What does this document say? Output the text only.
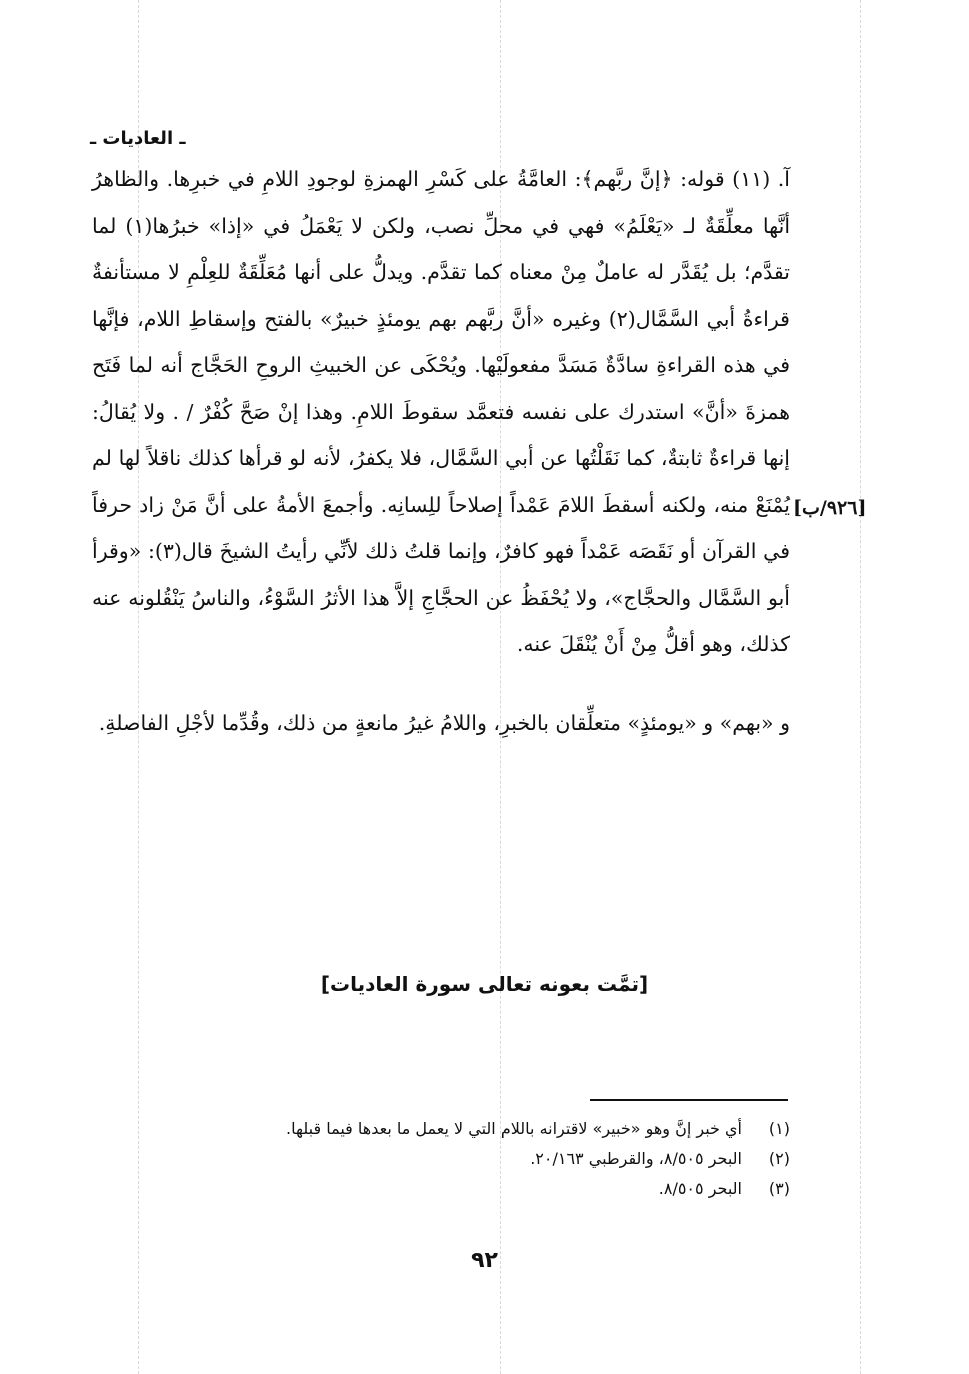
ـ العاديات ـ

آ. (١١) قوله: ﴿إنَّ ربَّهم﴾: العامَّةُ على كَسْرِ الهمزةِ لوجودِ اللامِ في خبرِها. والظاهرُ أنَّها معلِّقَةٌ لـ «يَعْلَمُ» فهي في محلِّ نصب، ولكن لا يَعْمَلُ في «إذا» خبرُها(١) لما تقدَّم؛ بل يُقَدَّر له عاملٌ مِنْ معناه كما تقدَّم. ويدلُّ على أنها مُعَلِّقَةٌ للعِلْمِ لا مستأنفةٌ قراءةُ أبي السَّمَّال(٢) وغيره «أنَّ ربَّهم بهم يومئذٍ خبيرٌ» بالفتح وإسقاطِ اللام، فإنَّها في هذه القراءةِ سادَّةٌ مَسَدَّ مفعولَيْها. ويُحْكَى عن الخبيثِ الروحِ الحَجَّاج أنه لما فَتَح همزةَ «أنَّ» استدرك على نفسه فتعمَّد سقوطَ اللامِ. وهذا إنْ صَحَّ كُفْرٌ / . ولا يُقالُ: إنها قراءةٌ ثابتةٌ، كما نَقَلْتُها عن أبي السَّمَّال، فلا يكفرُ، لأنه لو قرأها كذلك ناقلاً لها لم يُمْنَعْ منه، ولكنه أسقطَ اللامَ عَمْداً إصلاحاً للِسانِه. وأجمعَ الأمةُ على أنَّ مَنْ زاد حرفاً في القرآن أو نَقَصَه عَمْداً فهو كافرٌ، وإنما قلتُ ذلك لأنِّي رأيتُ الشيخَ قال(٣): «وقرأ أبو السَّمَّال والحجَّاج»، ولا يُحْفَظُ عن الحجَّاجِ إلاَّ هذا الأثرُ السَّوْءُ، والناسُ يَنْقُلونه عنه كذلك، وهو أقلُّ مِنْ أَنْ يُنْقَلَ عنه.

و «بهم» و «يومئذٍ» متعلِّقان بالخبرِ، واللامُ غيرُ مانعةٍ من ذلك، وقُدِّما لأجْلِ الفاصلةِ.

[٩٢٦/ب]
[تمَّت بعونه تعالى سورة العاديات]
(١)
أي خبر إنَّ وهو «خبير» لاقترانه باللام التي لا يعمل ما بعدها فيما قبلها.
(٢)
البحر ٨/٥٠٥، والقرطبي ٢٠/١٦٣.
(٣)
البحر ٨/٥٠٥.
٩٢
